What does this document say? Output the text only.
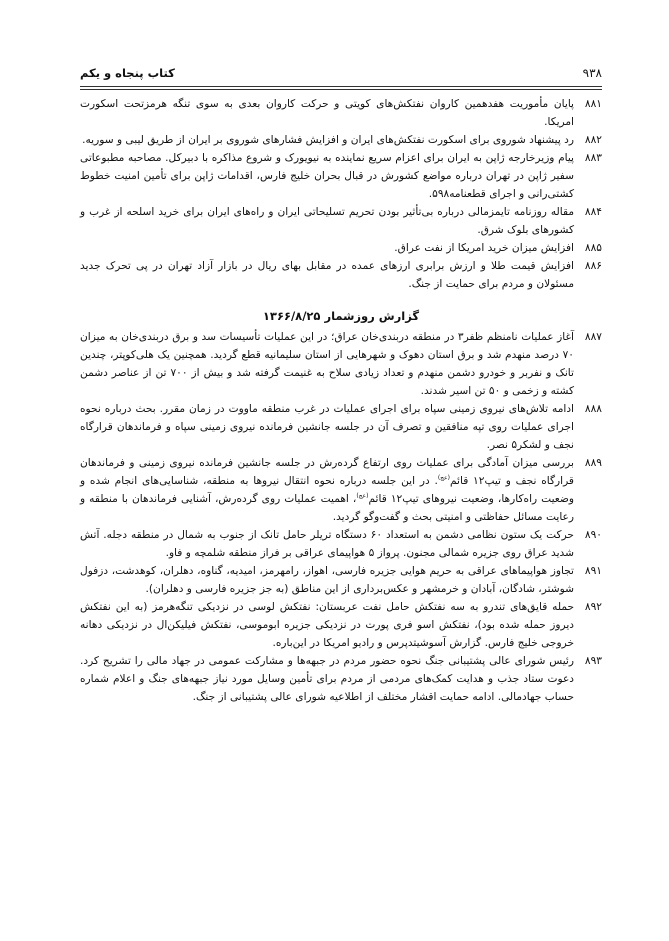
۹۳۸
کتاب پنجاه و یکم
۸۸۱
پایان مأموریت هفدهمین کاروان نفتکش‌های کویتی و حرکت کاروان بعدی به سوی تنگه هرمزتحت اسکورت امریکا.
۸۸۲
رد پیشنهاد شوروی برای اسکورت نفتکش‌های ایران و افزایش فشارهای شوروی بر ایران از طریق لیبی و سوریه.
۸۸۳
پیام وزیرخارجه ژاپن به ایران برای اعزام سریع نماینده به نیویورک و شروع مذاکره با دبیرکل. مصاحبه مطبوعاتی سفیر ژاپن در تهران درباره مواضع کشورش در قبال بحران خلیج فارس، اقدامات ژاپن برای تأمین امنیت خطوط کشتی‌رانی و اجرای قطعنامه۵۹۸.
۸۸۴
مقاله روزنامه تایمزمالی درباره بی‌تأثیر بودن تحریم تسلیحاتی ایران و راه‌های ایران برای خرید اسلحه از غرب و کشورهای بلوک شرق.
۸۸۵
افزایش میزان خرید امریکا از نفت عراق.
۸۸۶
افزایش قیمت طلا و ارزش برابری ارزهای عمده در مقابل بهای ریال در بازار آزاد تهران در پی تحرک جدید مسئولان و مردم برای حمایت از جنگ.
گزارش روزشمار ۱۳۶۶/۸/۲۵
۸۸۷
آغاز عملیات نامنظم ظفر۳ در منطقه دربندی‌خان عراق؛ در این عملیات تأسیسات سد و برق دربندی‌خان به میزان ۷۰ درصد منهدم شد و برق استان دهوک و شهرهایی از استان سلیمانیه قطع گردید. همچنین یک هلی‌کوپتر، چندین تانک و نفربر و خودرو دشمن منهدم و تعداد زیادی سلاح به غنیمت گرفته شد و بیش از ۷۰۰ تن از عناصر دشمن کشته و زخمی و ۵۰ تن اسیر شدند.
۸۸۸
ادامه تلاش‌های نیروی زمینی سپاه برای اجرای عملیات در غرب منطقه ماووت در زمان مقرر. بحث درباره نحوه اجرای عملیات روی تپه منافقین و تصرف آن در جلسه جانشین فرمانده نیروی زمینی سپاه و فرماندهان قرارگاه نجف و لشکر۵ نصر.
۸۸۹
بررسی میزان آمادگی برای عملیات روی ارتفاع گرده‌رش در جلسه جانشین فرمانده نیروی زمینی و فرماندهان قرارگاه نجف و تیپ۱۲ قائم$^{(عج)}$. در این جلسه درباره نحوه انتقال نیروها به منطقه، شناسایی‌های انجام شده و وضعیت راه‌کارها، وضعیت نیروهای تیپ۱۲ قائم$^{(عج)}$، اهمیت عملیات روی گرده‌رش، آشنایی فرماندهان با منطقه و رعایت مسائل حفاظتی و امنیتی بحث و گفت‌وگو گردید.
۸۹۰
حرکت یک ستون نظامی دشمن به استعداد ۶۰ دستگاه تریلر حامل تانک از جنوب به شمال در منطقه دجله. آتش شدید عراق روی جزیره شمالی مجنون. پرواز ۵ هواپیمای عراقی بر فراز منطقه شلمچه و فاو.
۸۹۱
تجاوز هواپیماهای عراقی به حریم هوایی جزیره فارسی، اهواز، رامهرمز، امیدیه، گناوه، دهلران، کوهدشت، دزفول شوشتر، شادگان، آبادان و خرمشهر و عکس‌برداری از این مناطق (به جز جزیره فارسی و دهلران).
۸۹۲
حمله قایق‌های تندرو به سه نفتکش حامل نفت عربستان: نفتکش لوسی در نزدیکی تنگه‌هرمز (به این نفتکش دیروز حمله شده بود)، نفتکش اسو فری پورت در نزدیکی جزیره ابوموسی، نفتکش فیلیکن‌ال در نزدیکی دهانه خروجی خلیج فارس. گزارش آسوشیتدپرس و رادیو امریکا در این‌باره.
۸۹۳
رئیس شورای عالی پشتیبانی جنگ نحوه حضور مردم در جبهه‌ها و مشارکت عمومی در جهاد مالی را تشریح کرد. دعوت ستاد جذب و هدایت کمک‌های مردمی از مردم برای تأمین وسایل مورد نیاز جبهه‌های جنگ و اعلام شماره حساب جهادمالی. ادامه حمایت اقشار مختلف از اطلاعیه شورای عالی پشتیبانی از جنگ.
